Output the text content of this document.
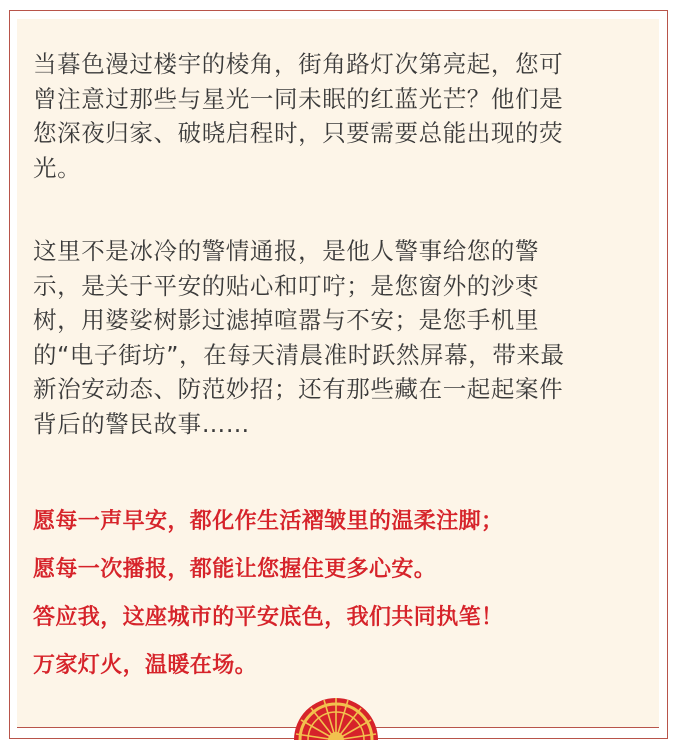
当暮色漫过楼宇的棱角，街角路灯次第亮起，您可
曾注意过那些与星光一同未眠的红蓝光芒？他们是
您深夜归家、破晓启程时，只要需要总能出现的荧
光。

这里不是冰冷的警情通报，是他人警事给您的警
示，是关于平安的贴心和叮咛；是您窗外的沙枣
树，用婆娑树影过滤掉喧嚣与不安；是您手机里
的“电子街坊”，在每天清晨准时跃然屏幕，带来最
新治安动态、防范妙招；还有那些藏在一起起案件
背后的警民故事……

愿每一声早安，都化作生活褶皱里的温柔注脚；

愿每一次播报，都能让您握住更多心安。

答应我，这座城市的平安底色，我们共同执笔！

万家灯火，温暖在场。
